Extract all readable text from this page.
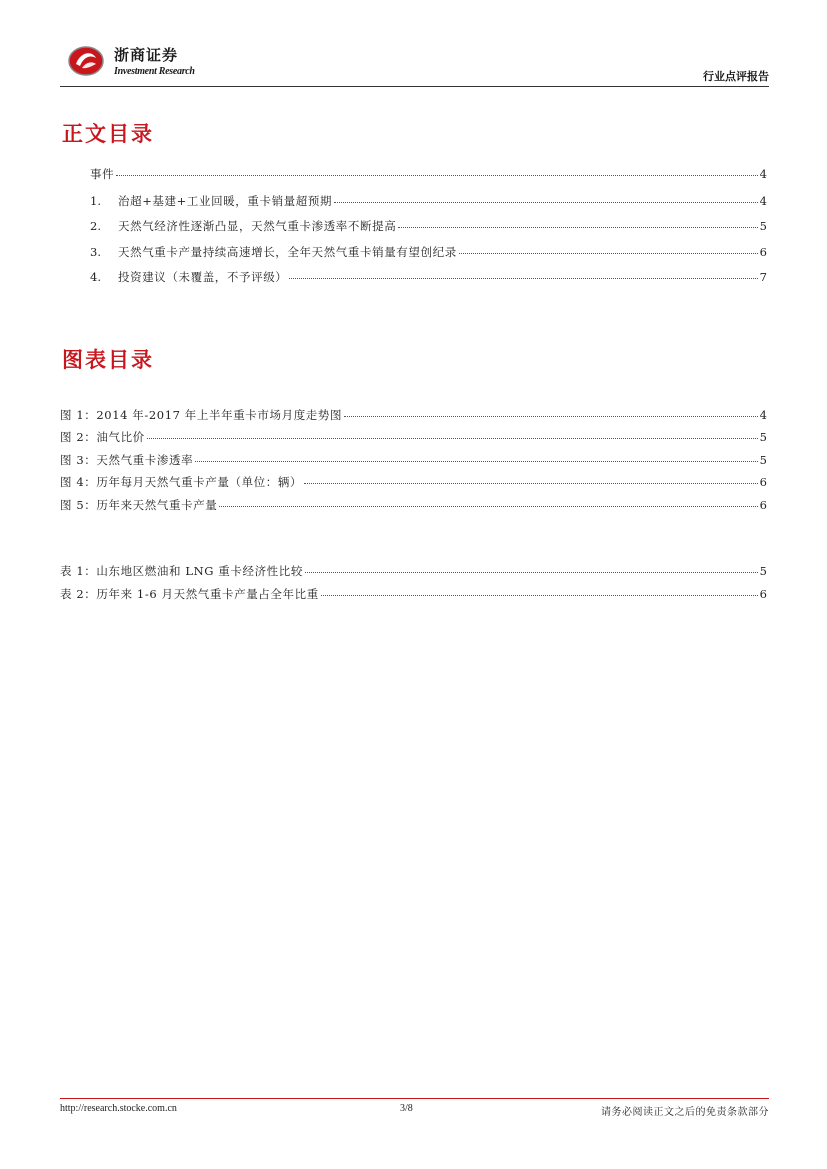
浙商证券
Investment Research	行业点评报告
正文目录
事件	4
1.	治超+基建+工业回暖，重卡销量超预期	4
2.	天然气经济性逐渐凸显，天然气重卡渗透率不断提高	5
3.	天然气重卡产量持续高速增长，全年天然气重卡销量有望创纪录	6
4.	投资建议（未覆盖，不予评级）	7
图表目录
图 1：2014 年-2017 年上半年重卡市场月度走势图	4
图 2：油气比价	5
图 3：天然气重卡渗透率	5
图 4：历年每月天然气重卡产量（单位：辆）	6
图 5：历年来天然气重卡产量	6
表 1：山东地区燃油和 LNG 重卡经济性比较	5
表 2：历年来 1-6 月天然气重卡产量占全年比重	6
http://research.stocke.com.cn	3/8	请务必阅读正文之后的免责条款部分
